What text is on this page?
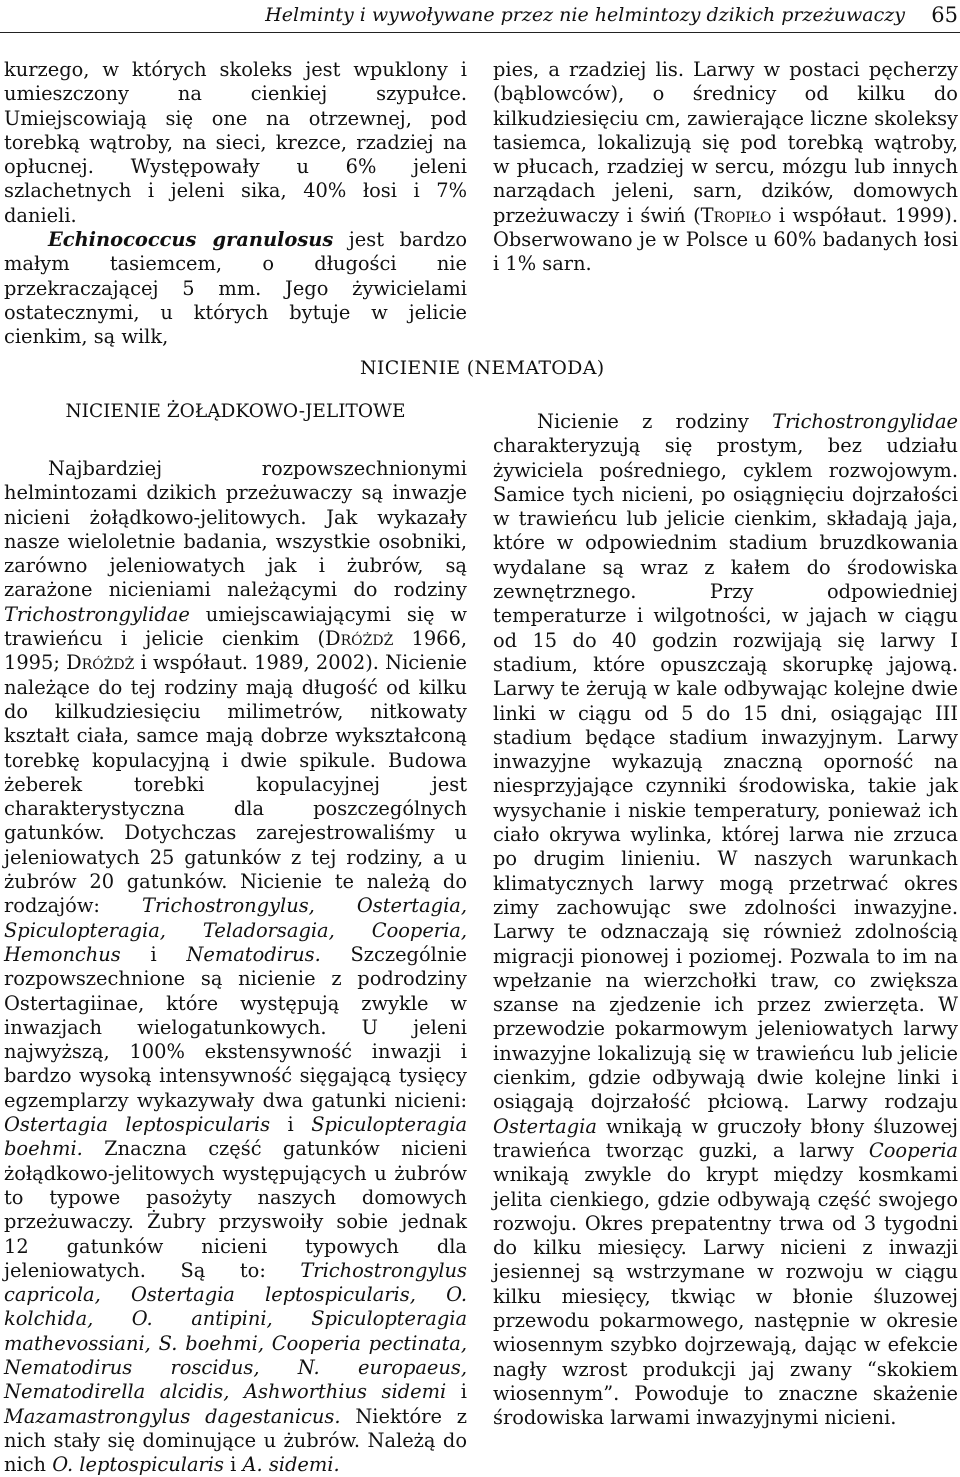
Helminty i wywoływane przez nie helmintozy dzikich przeżuwaczy 65

kurzego, w których skoleks jest wpuklony i umieszczony na cienkiej szypułce. Umiejscowiają się one na otrzewnej, pod torebką wątroby, na sieci, krezce, rzadziej na opłucnej. Występowały u 6% jeleni szlachetnych i jeleni sika, 40% łosi i 7% danieli.
Echinococcus granulosus jest bardzo małym tasiemcem, o długości nie przekraczającej 5 mm. Jego żywicielami ostatecznymi, u których bytuje w jelicie cienkim, są wilk,

pies, a rzadziej lis. Larwy w postaci pęcherzy (bąblowców), o średnicy od kilku do kilkudziesięciu cm, zawierające liczne skoleksy tasiemca, lokalizują się pod torebką wątroby, w płucach, rzadziej w sercu, mózgu lub innych narządach jeleni, sarn, dzików, domowych przeżuwaczy i świń (Tropiło i współaut. 1999). Obserwowano je w Polsce u 60% badanych łosi i 1% sarn.

NICIENIE (NEMATODA)
NICIENIE ŻOŁĄDKOWO-JELITOWE

Najbardziej rozpowszechnionymi helmintozami dzikich przeżuwaczy są inwazje nicieni żołądkowo-jelitowych. Jak wykazały nasze wieloletnie badania, wszystkie osobniki, zarówno jeleniowatych jak i żubrów, są zarażone nicieniami należącymi do rodziny Trichostrongylidae umiejscawiającymi się w trawieńcu i jelicie cienkim (Dróżdż 1966, 1995; Dróżdż i współaut. 1989, 2002). Nicienie należące do tej rodziny mają długość od kilku do kilkudziesięciu milimetrów, nitkowaty kształt ciała, samce mają dobrze wykształconą torebkę kopulacyjną i dwie spikule. Budowa żeberek torebki kopulacyjnej jest charakterystyczna dla poszczególnych gatunków. Dotychczas zarejestrowaliśmy u jeleniowatych 25 gatunków z tej rodziny, a u żubrów 20 gatunków. Nicienie te należą do rodzajów: Trichostrongylus, Ostertagia, Spiculopteragia, Teladorsagia, Cooperia, Hemonchus i Nematodirus. Szczególnie rozpowszechnione są nicienie z podrodziny Ostertagiinae, które występują zwykle w inwazjach wielogatunkowych. U jeleni najwyższą, 100% ekstensywność inwazji i bardzo wysoką intensywność sięgającą tysięcy egzemplarzy wykazywały dwa gatunki nicieni: Ostertagia leptospicularis i Spiculopteragia boehmi. Znaczna część gatunków nicieni żołądkowo-jelitowych występujących u żubrów to typowe pasożyty naszych domowych przeżuwaczy. Żubry przyswoiły sobie jednak 12 gatunków nicieni typowych dla jeleniowatych. Są to: Trichostrongylus capricola, Ostertagia leptospicularis, O. kolchida, O. antipini, Spiculopteragia mathevossiani, S. boehmi, Cooperia pectinata, Nematodirus roscidus, N. europaeus, Nematodirella alcidis, Ashworthius sidemi i Mazamastrongylus dagestanicus. Niektóre z nich stały się dominujące u żubrów. Należą do nich O. leptospicularis i A. sidemi.

Nicienie z rodziny Trichostrongylidae charakteryzują się prostym, bez udziału żywiciela pośredniego, cyklem rozwojowym. Samice tych nicieni, po osiągnięciu dojrzałości w trawieńcu lub jelicie cienkim, składają jaja, które w odpowiednim stadium bruzdkowania wydalane są wraz z kałem do środowiska zewnętrznego. Przy odpowiedniej temperaturze i wilgotności, w jajach w ciągu od 15 do 40 godzin rozwijają się larwy I stadium, które opuszczają skorupkę jajową. Larwy te żerują w kale odbywając kolejne dwie linki w ciągu od 5 do 15 dni, osiągając III stadium będące stadium inwazyjnym. Larwy inwazyjne wykazują znaczną oporność na niesprzyjające czynniki środowiska, takie jak wysychanie i niskie temperatury, ponieważ ich ciało okrywa wylinka, której larwa nie zrzuca po drugim linieniu. W naszych warunkach klimatycznych larwy mogą przetrwać okres zimy zachowując swe zdolności inwazyjne. Larwy te odznaczają się również zdolnością migracji pionowej i poziomej. Pozwala to im na wpełzanie na wierzchołki traw, co zwiększa szanse na zjedzenie ich przez zwierzęta. W przewodzie pokarmowym jeleniowatych larwy inwazyjne lokalizują się w trawieńcu lub jelicie cienkim, gdzie odbywają dwie kolejne linki i osiągają dojrzałość płciową. Larwy rodzaju Ostertagia wnikają w gruczoły błony śluzowej trawieńca tworząc guzki, a larwy Cooperia wnikają zwykle do krypt między kosmkami jelita cienkiego, gdzie odbywają część swojego rozwoju. Okres prepatentny trwa od 3 tygodni do kilku miesięcy. Larwy nicieni z inwazji jesiennej są wstrzymane w rozwoju w ciągu kilku miesięcy, tkwiąc w błonie śluzowej przewodu pokarmowego, następnie w okresie wiosennym szybko dojrzewają, dając w efekcie nagły wzrost produkcji jaj zwany “skokiem wiosennym”. Powoduje to znaczne skażenie środowiska larwami inwazyjnymi nicieni.
